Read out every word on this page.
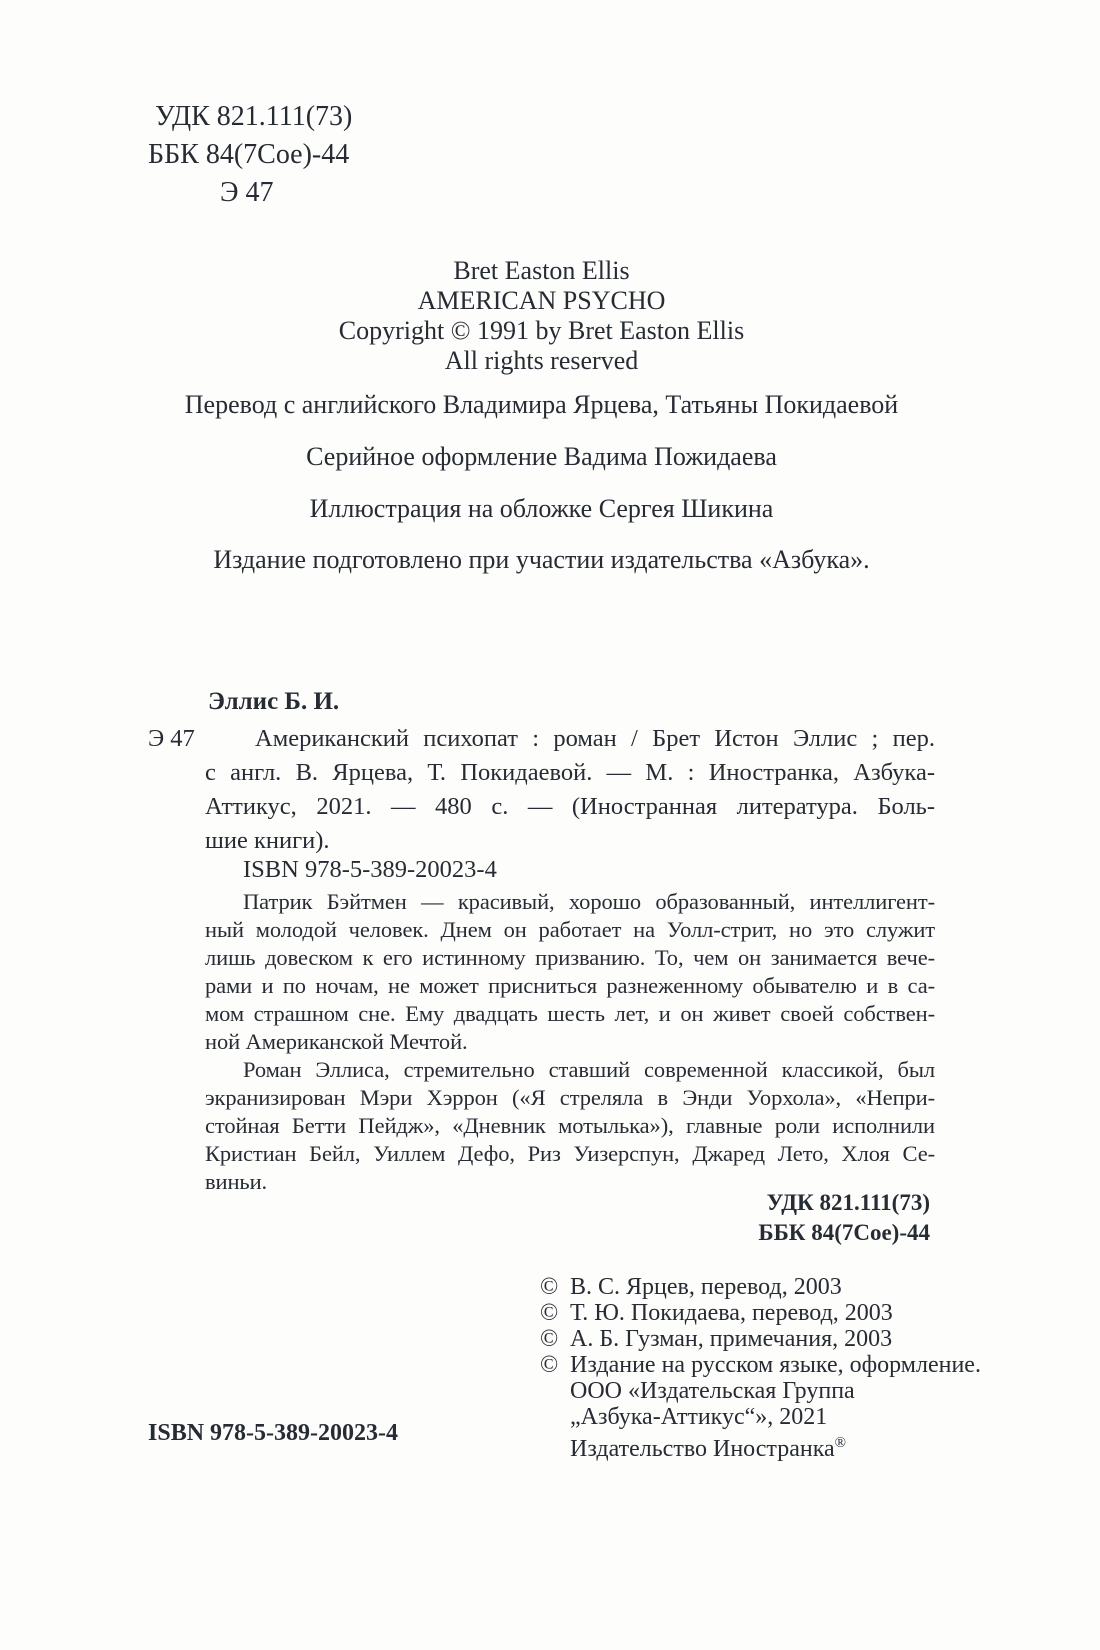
УДК 821.111(73)
ББК 84(7Сое)-44
Э 47
Bret Easton Ellis
AMERICAN PSYCHO
Copyright © 1991 by Bret Easton Ellis
All rights reserved
Перевод с английского Владимира Ярцева, Татьяны Покидаевой
Серийное оформление Вадима Пожидаева
Иллюстрация на обложке Сергея Шикина
Издание подготовлено при участии издательства «Азбука».
Эллис Б. И.
Э 47	Американский психопат : роман / Брет Истон Эллис ; пер.
с англ. В. Ярцева, Т. Покидаевой. — М. : Иностранка, Азбука-
Аттикус, 2021. — 480 с. — (Иностранная литература. Боль-
шие книги).
ISBN 978-5-389-20023-4

Патрик Бэйтмен — красивый, хорошо образованный, интеллигент-
ный молодой человек. Днем он работает на Уолл-стрит, но это служит
лишь довеском к его истинному призванию. То, чем он занимается вече-
рами и по ночам, не может присниться разнеженному обывателю и в са-
мом страшном сне. Ему двадцать шесть лет, и он живет своей собствен-
ной Американской Мечтой.

Роман Эллиса, стремительно ставший современной классикой, был
экранизирован Мэри Хэррон («Я стреляла в Энди Уорхола», «Непри-
стойная Бетти Пейдж», «Дневник мотылька»), главные роли исполнили
Кристиан Бейл, Уиллем Дефо, Риз Уизерспун, Джаред Лето, Хлоя Се-
виньи.

УДК 821.111(73)
ББК 84(7Сое)-44
© В. С. Ярцев, перевод, 2003
© Т. Ю. Покидаева, перевод, 2003
© А. Б. Гузман, примечания, 2003
© Издание на русском языке, оформление.
ООО «Издательская Группа
„Азбука-Аттикус“», 2021
Издательство Иностранка®
ISBN 978-5-389-20023-4
